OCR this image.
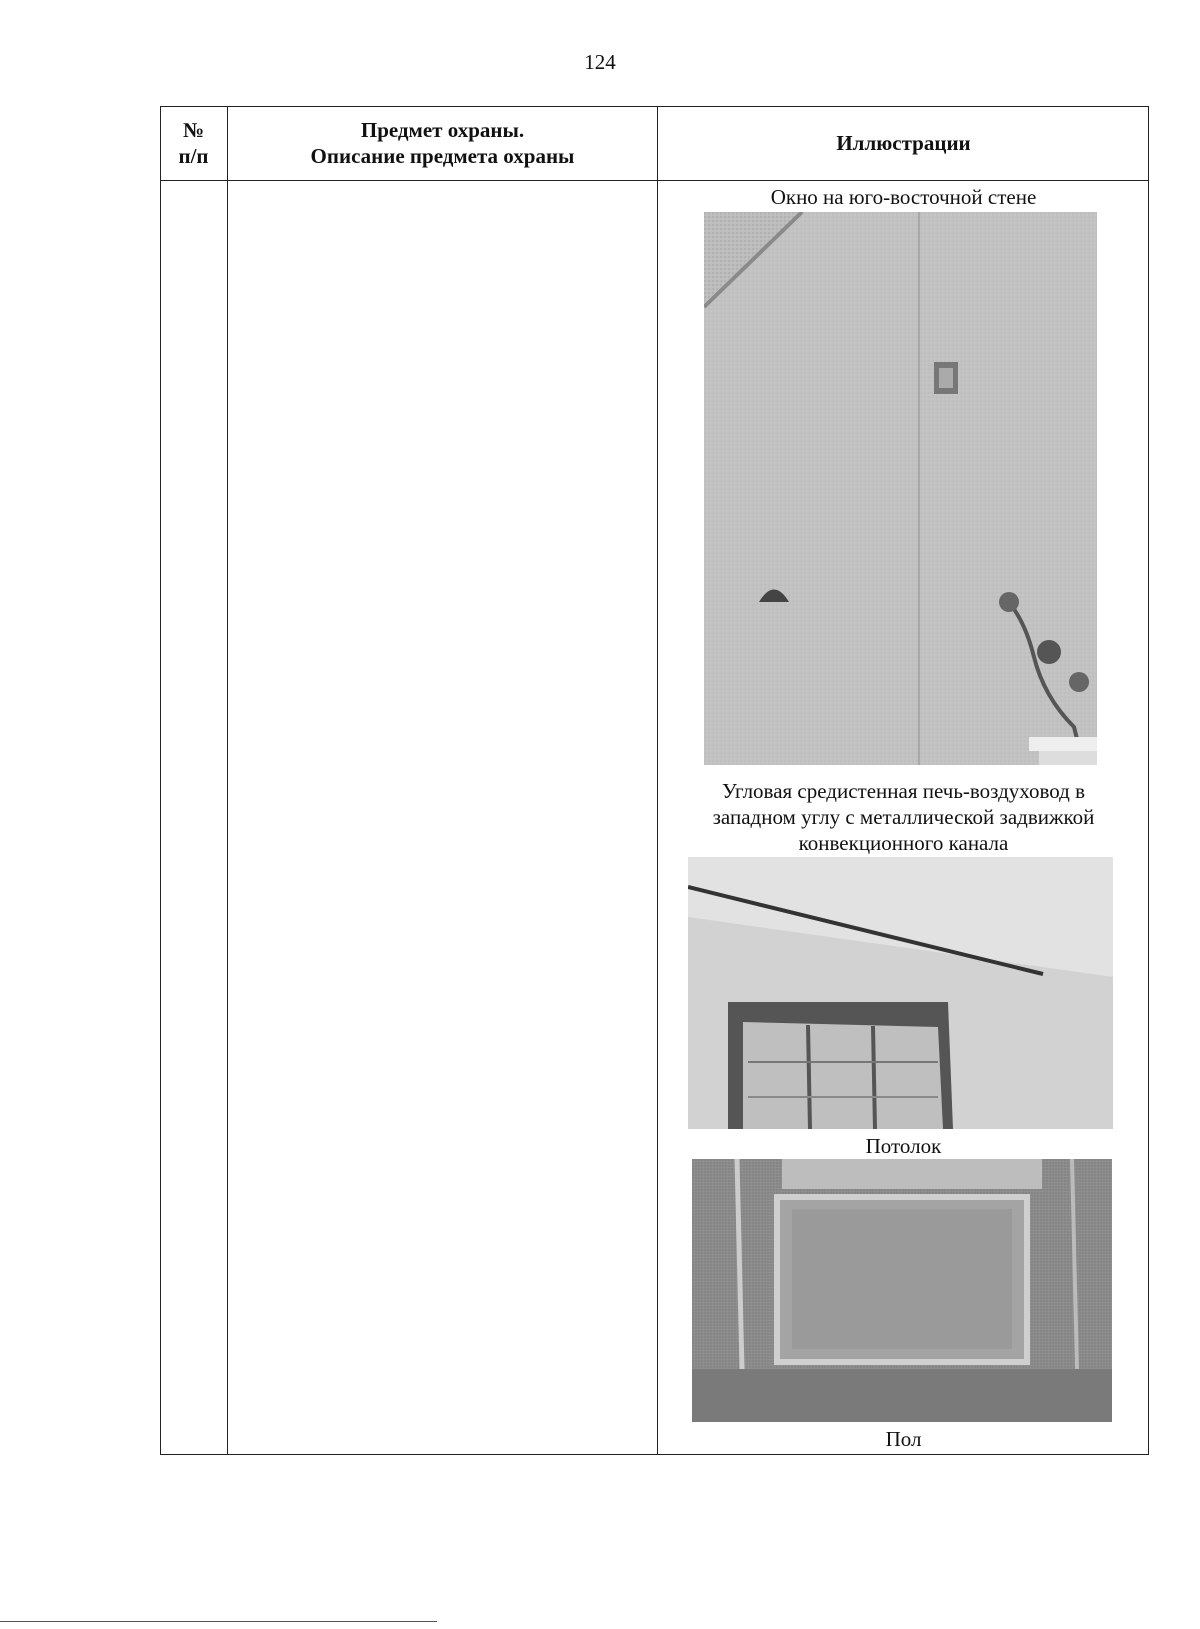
124
№
п/п
Предмет охраны.
Описание предмета охраны
Иллюстрации
Окно на юго-восточной стене
Угловая средистенная печь-воздуховод в
западном углу с металлической задвижкой
конвекционного канала
Потолок
Пол
